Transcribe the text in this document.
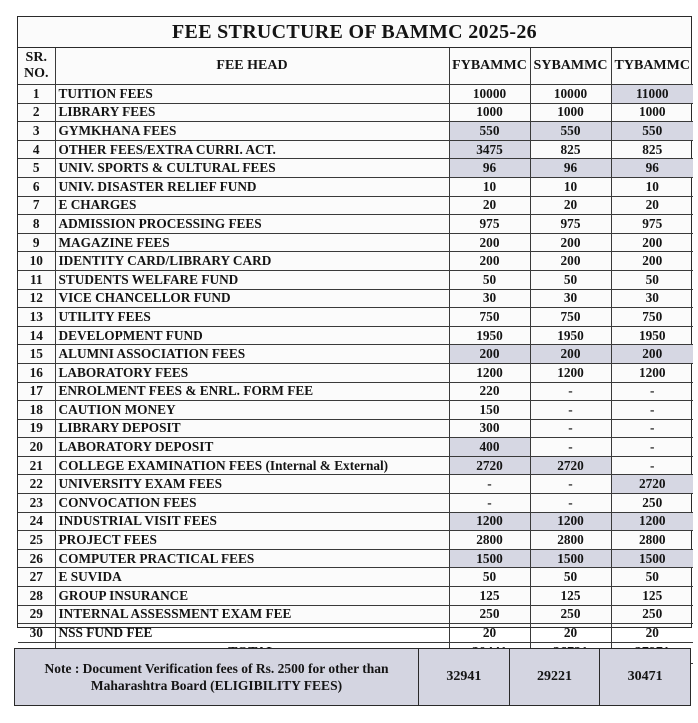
FEE STRUCTURE OF BAMMC 2025-26
SR.
NO.	FEE HEAD	FYBAMMC	SYBAMMC	TYBAMMC
1	TUITION FEES	10000	10000	11000
2	LIBRARY FEES	1000	1000	1000
3	GYMKHANA FEES	550	550	550
4	OTHER FEES/EXTRA CURRI. ACT.	3475	825	825
5	UNIV. SPORTS & CULTURAL FEES	96	96	96
6	UNIV. DISASTER RELIEF FUND	10	10	10
7	E CHARGES	20	20	20
8	ADMISSION PROCESSING FEES	975	975	975
9	MAGAZINE FEES	200	200	200
10	IDENTITY CARD/LIBRARY CARD	200	200	200
11	STUDENTS WELFARE FUND	50	50	50
12	VICE CHANCELLOR FUND	30	30	30
13	UTILITY FEES	750	750	750
14	DEVELOPMENT FUND	1950	1950	1950
15	ALUMNI ASSOCIATION FEES	200	200	200
16	LABORATORY FEES	1200	1200	1200
17	ENROLMENT FEES & ENRL. FORM FEE	220	-	-
18	CAUTION MONEY	150	-	-
19	LIBRARY DEPOSIT	300	-	-
20	LABORATORY DEPOSIT	400	-	-
21	COLLEGE EXAMINATION FEES (Internal & External)	2720	2720	-
22	UNIVERSITY EXAM FEES	-	-	2720
23	CONVOCATION FEES	-	-	250
24	INDUSTRIAL VISIT FEES	1200	1200	1200
25	PROJECT FEES	2800	2800	2800
26	COMPUTER PRACTICAL FEES	1500	1500	1500
27	E SUVIDA	50	50	50
28	GROUP INSURANCE	125	125	125
29	INTERNAL ASSESSMENT EXAM FEE	250	250	250
30	NSS FUND FEE	20	20	20

Note : Document Verification fees of Rs. 2500 for other than
Maharashtra Board (ELIGIBILITY FEES)
32941	29221	30471
